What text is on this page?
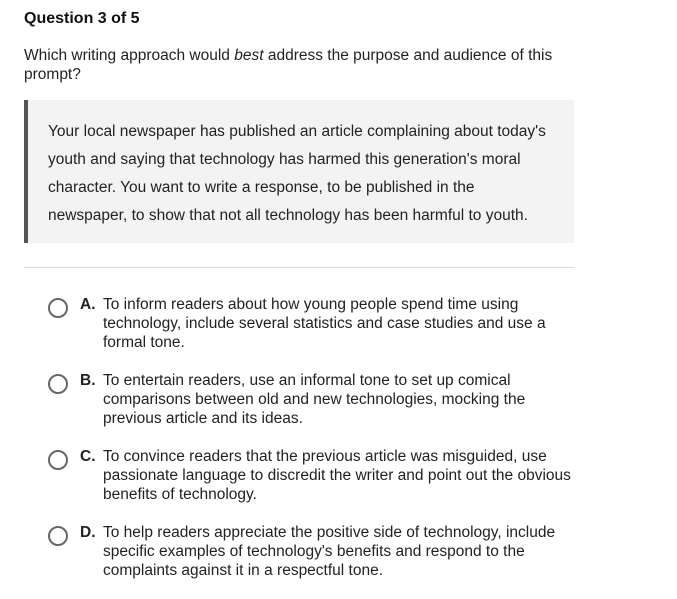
Question 3 of 5
Which writing approach would best address the purpose and audience of this prompt?
Your local newspaper has published an article complaining about today's youth and saying that technology has harmed this generation's moral character. You want to write a response, to be published in the newspaper, to show that not all technology has been harmful to youth.
A. To inform readers about how young people spend time using technology, include several statistics and case studies and use a formal tone.
B. To entertain readers, use an informal tone to set up comical comparisons between old and new technologies, mocking the previous article and its ideas.
C. To convince readers that the previous article was misguided, use passionate language to discredit the writer and point out the obvious benefits of technology.
D. To help readers appreciate the positive side of technology, include specific examples of technology's benefits and respond to the complaints against it in a respectful tone.
